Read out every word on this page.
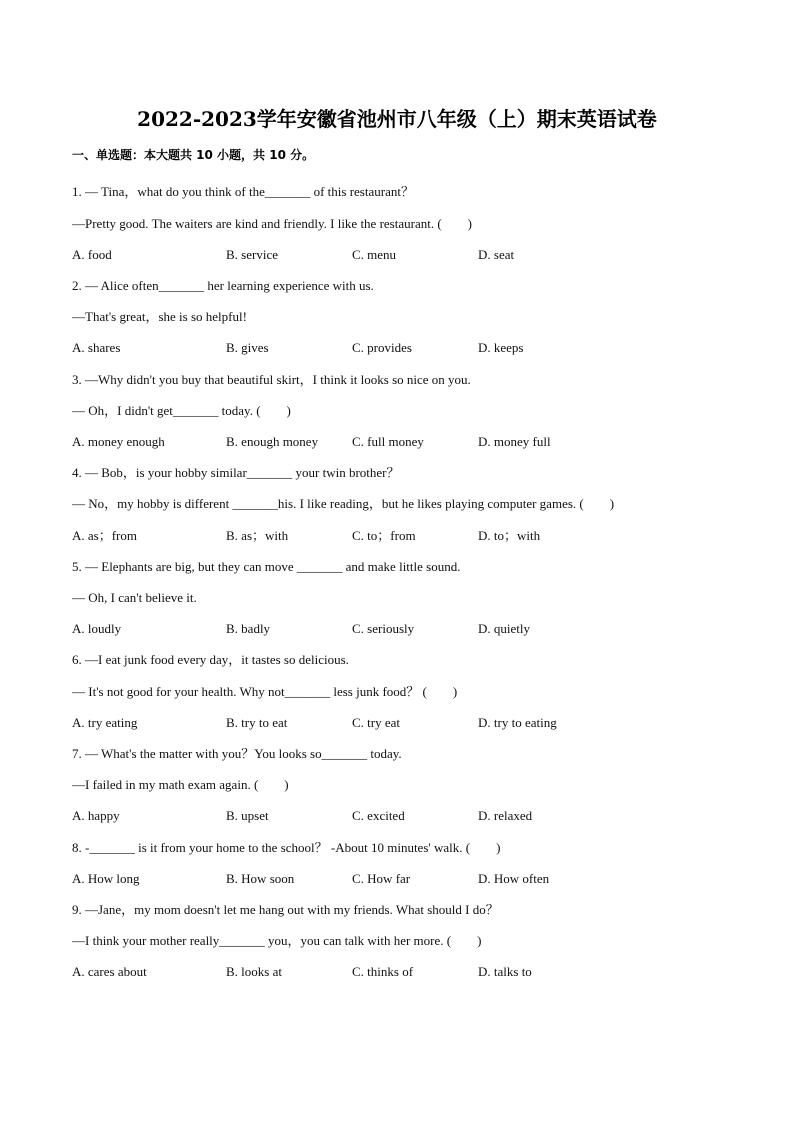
2022-2023学年安徽省池州市八年级（上）期末英语试卷
一、单选题：本大题共 10 小题，共 10 分。
1. — Tina，what do you think of the_______ of this restaurant？
—Pretty good. The waiters are kind and friendly. I like the restaurant. (        )
A. food	B. service	C. menu	D. seat
2. — Alice often_______ her learning experience with us.
—That's great，she is so helpful!
A. shares	B. gives	C. provides	D. keeps
3. —Why didn't you buy that beautiful skirt，I think it looks so nice on you.
— Oh，I didn't get_______ today. (        )
A. money enough	B. enough money	C. full money	D. money full
4. — Bob，is your hobby similar_______ your twin brother？
— No，my hobby is different _______his. I like reading，but he likes playing computer games. (        )
A. as；from	B. as；with	C. to；from	D. to；with
5. — Elephants are big, but they can move _______ and make little sound.
— Oh, I can't believe it.
A. loudly	B. badly	C. seriously	D. quietly
6. —I eat junk food every day，it tastes so delicious.
— It's not good for your health. Why not_______ less junk food？ (        )
A. try eating	B. try to eat	C. try eat	D. try to eating
7. — What's the matter with you？You looks so_______ today.
—I failed in my math exam again. (        )
A. happy	B. upset	C. excited	D. relaxed
8. -_______ is it from your home to the school？ -About 10 minutes' walk. (        )
A. How long	B. How soon	C. How far	D. How often
9. —Jane，my mom doesn't let me hang out with my friends. What should I do？
—I think your mother really_______ you，you can talk with her more. (        )
A. cares about	B. looks at	C. thinks of	D. talks to
